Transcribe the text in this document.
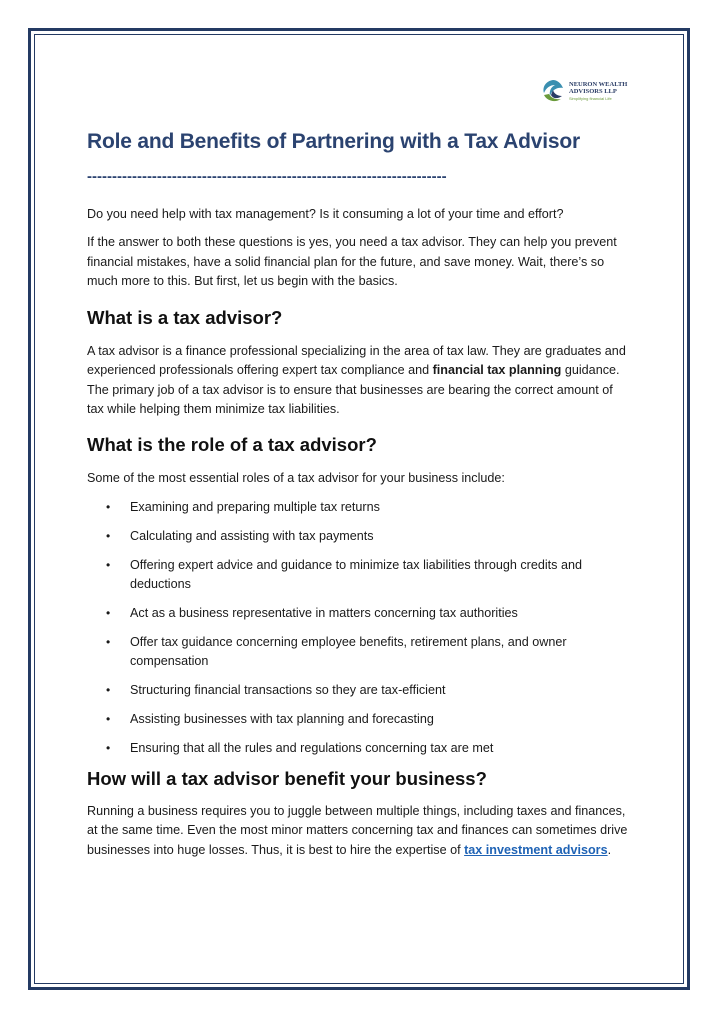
NEURON WEALTH
ADVISORS LLP
Simplifying financial Life
Role and Benefits of Partnering with a Tax Advisor
------------------------------------------------------------------------

Do you need help with tax management? Is it consuming a lot of your time and effort?

If the answer to both these questions is yes, you need a tax advisor. They can help you prevent financial mistakes, have a solid financial plan for the future, and save money. Wait, there’s so much more to this. But first, let us begin with the basics.

What is a tax advisor?

A tax advisor is a finance professional specializing in the area of tax law. They are graduates and experienced professionals offering expert tax compliance and financial tax planning guidance. The primary job of a tax advisor is to ensure that businesses are bearing the correct amount of tax while helping them minimize tax liabilities.

What is the role of a tax advisor?

Some of the most essential roles of a tax advisor for your business include:

• Examining and preparing multiple tax returns
• Calculating and assisting with tax payments
• Offering expert advice and guidance to minimize tax liabilities through credits and deductions
• Act as a business representative in matters concerning tax authorities
• Offer tax guidance concerning employee benefits, retirement plans, and owner compensation
• Structuring financial transactions so they are tax-efficient
• Assisting businesses with tax planning and forecasting
• Ensuring that all the rules and regulations concerning tax are met
How will a tax advisor benefit your business?

Running a business requires you to juggle between multiple things, including taxes and finances, at the same time. Even the most minor matters concerning tax and finances can sometimes drive businesses into huge losses. Thus, it is best to hire the expertise of tax investment advisors.
